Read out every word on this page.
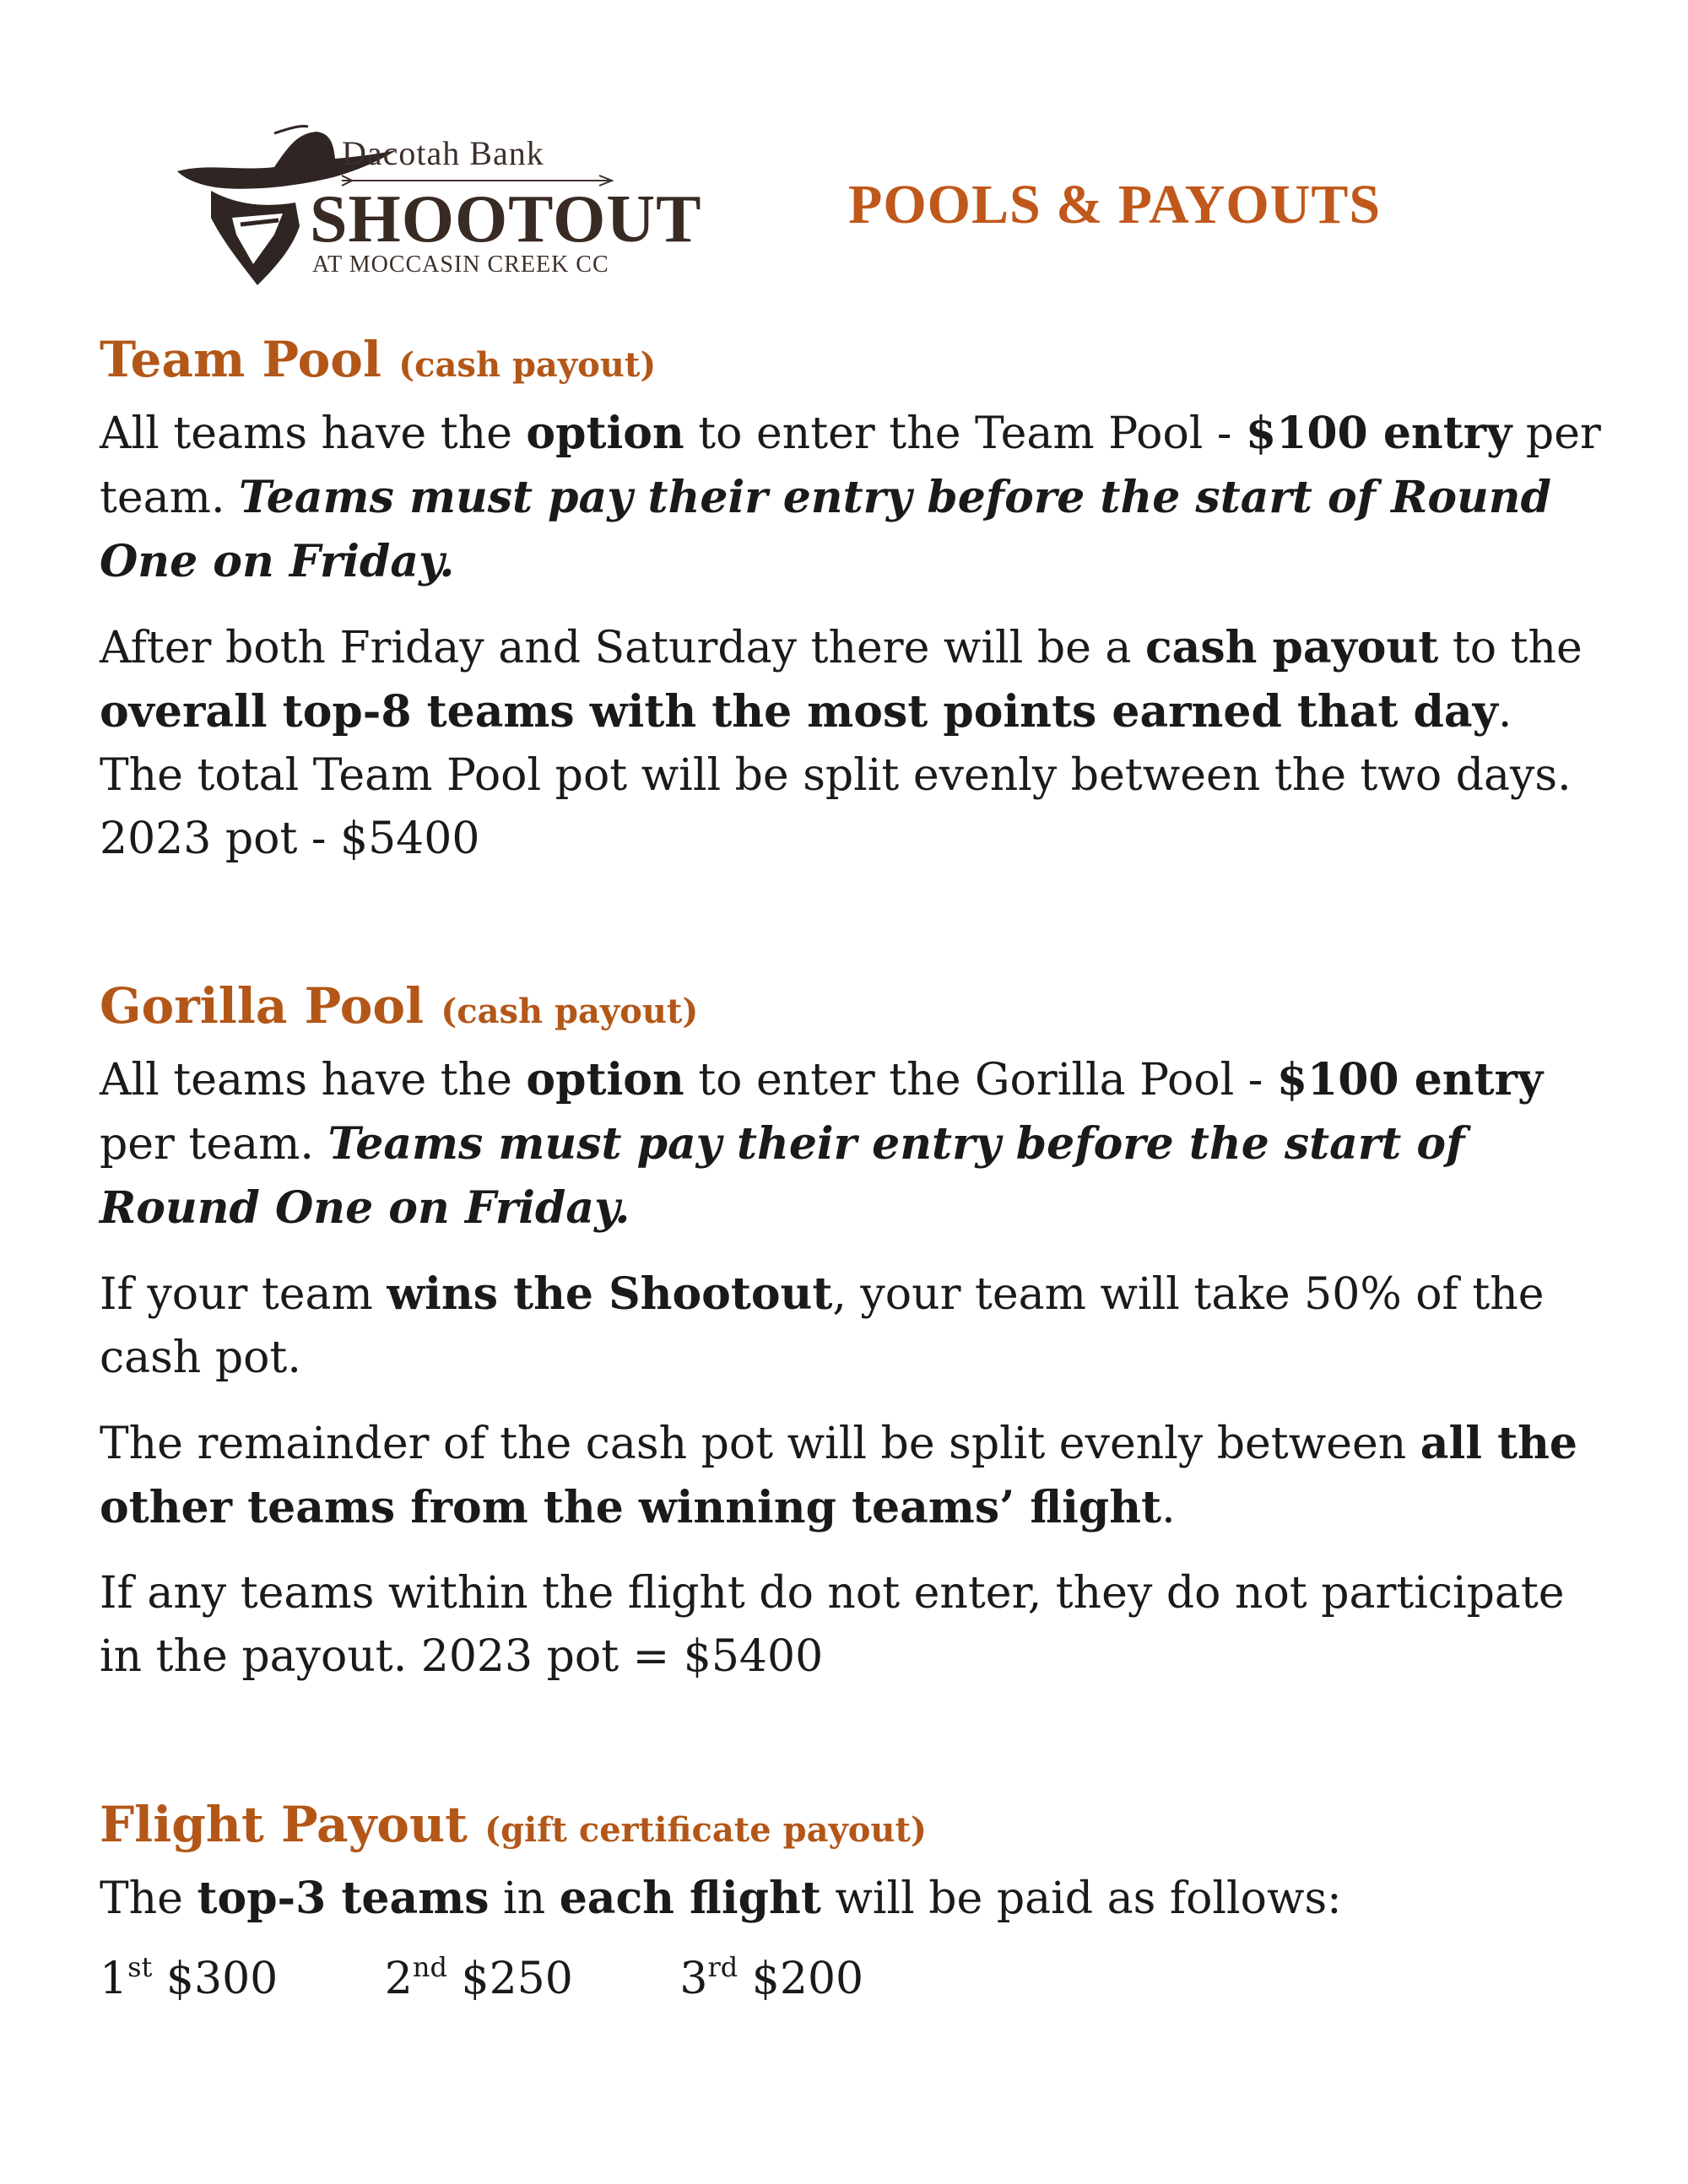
Dacotah Bank
SHOOTOUT
AT MOCCASIN CREEK CC
POOLS & PAYOUTS
Team Pool (cash payout)

All teams have the option to enter the Team Pool - $100 entry per team. Teams must pay their entry before the start of Round One on Friday.

After both Friday and Saturday there will be a cash payout to the overall top-8 teams with the most points earned that day. The total Team Pool pot will be split evenly between the two days. 2023 pot - $5400

Gorilla Pool (cash payout)

All teams have the option to enter the Gorilla Pool - $100 entry per team. Teams must pay their entry before the start of Round One on Friday.

If your team wins the Shootout, your team will take 50% of the cash pot.

The remainder of the cash pot will be split evenly between all the other teams from the winning teams’ flight.

If any teams within the flight do not enter, they do not participate in the payout. 2023 pot = $5400

Flight Payout (gift certificate payout)

The top-3 teams in each flight will be paid as follows:

1st $300 2nd $250 3rd $200
